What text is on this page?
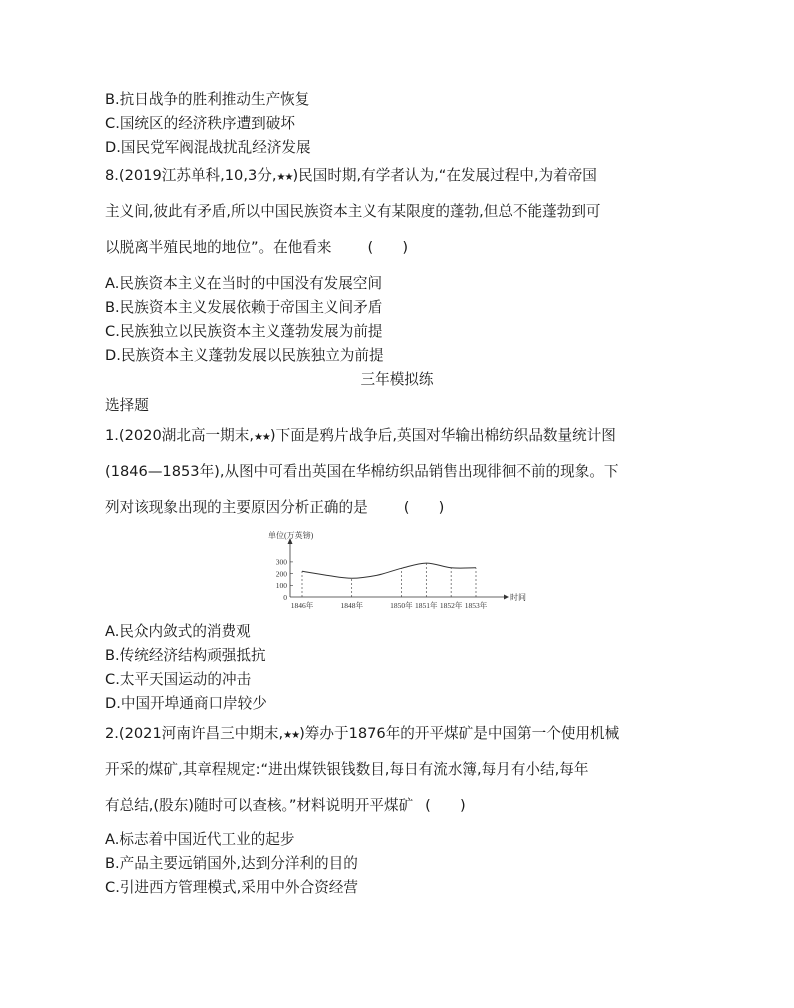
B.抗日战争的胜利推动生产恢复
C.国统区的经济秩序遭到破坏
D.国民党军阀混战扰乱经济发展
8.(2019江苏单科,10,3分,★★)民国时期,有学者认为,“在发展过程中,为着帝国
主义间,彼此有矛盾,所以中国民族资本主义有某限度的蓬勃,但总不能蓬勃到可
以脱离半殖民地的地位”。在他看来 (　　)
A.民族资本主义在当时的中国没有发展空间
B.民族资本主义发展依赖于帝国主义间矛盾
C.民族独立以民族资本主义蓬勃发展为前提
D.民族资本主义蓬勃发展以民族独立为前提
三年模拟练
选择题
1.(2020湖北高一期末,★★)下面是鸦片战争后,英国对华输出棉纺织品数量统计图
(1846—1853年),从图中可看出英国在华棉纺织品销售出现徘徊不前的现象。下
列对该现象出现的主要原因分析正确的是 (　　)
单位(万英镑)
时间
0
100
200
300
1846年	1848年	1850年 1851年 1852年 1853年
A.民众内敛式的消费观
B.传统经济结构顽强抵抗
C.太平天国运动的冲击
D.中国开埠通商口岸较少
2.(2021河南许昌三中期末,★★)筹办于1876年的开平煤矿是中国第一个使用机械
开采的煤矿,其章程规定:“进出煤铁银钱数目,每日有流水簿,每月有小结,每年
有总结,(股东)随时可以查核。”材料说明开平煤矿 (　　)
A.标志着中国近代工业的起步
B.产品主要远销国外,达到分洋利的目的
C.引进西方管理模式,采用中外合资经营
